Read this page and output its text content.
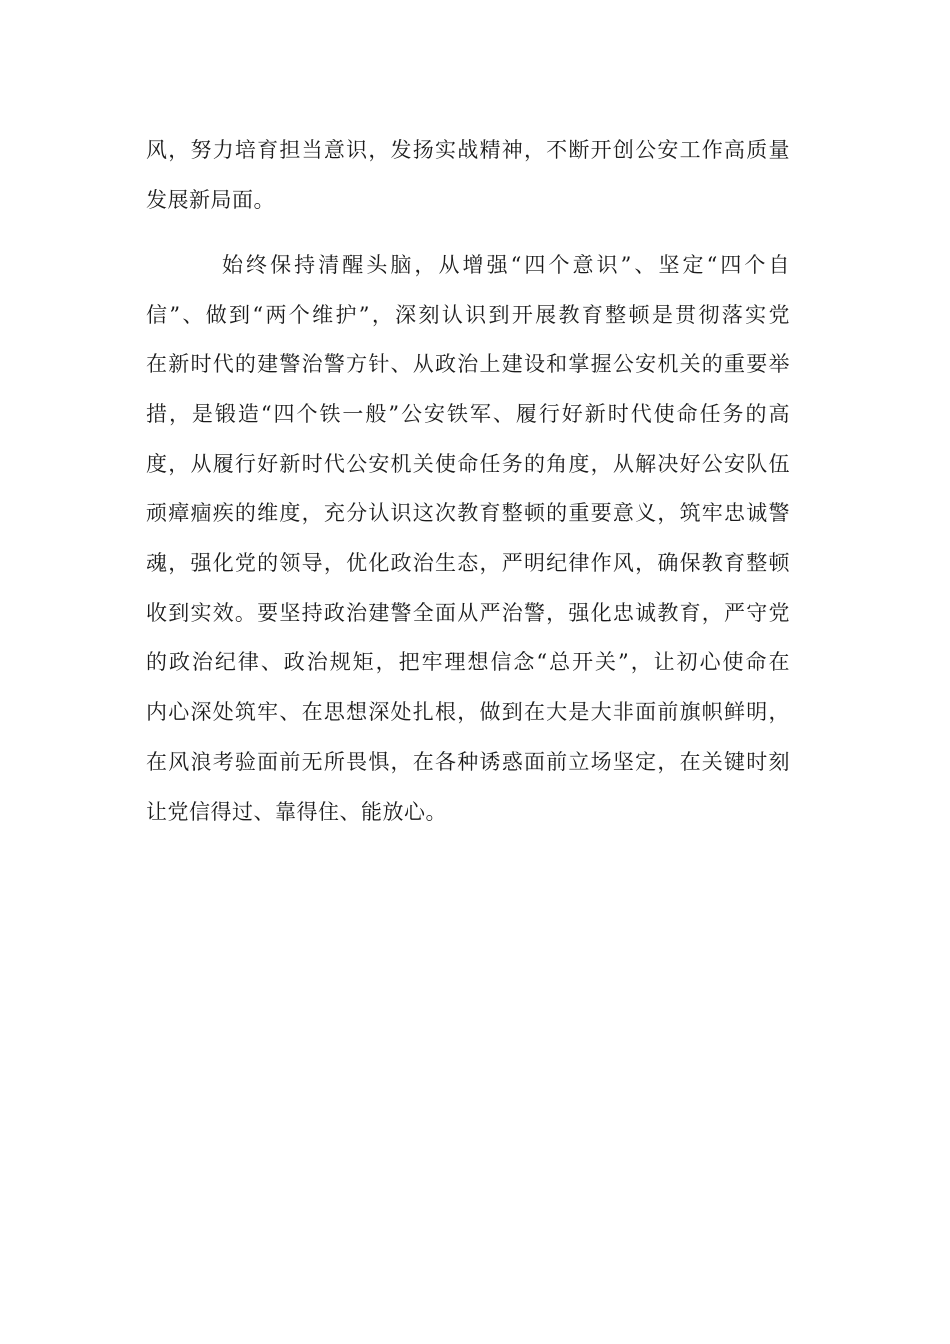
风，努力培育担当意识，发扬实战精神，不断开创公安工作高质量
发展新局面。
始终保持清醒头脑，从增强“四个意识”、坚定“四个自
信”、做到“两个维护”，深刻认识到开展教育整顿是贯彻落实党
在新时代的建警治警方针、从政治上建设和掌握公安机关的重要举
措，是锻造“四个铁一般”公安铁军、履行好新时代使命任务的高
度，从履行好新时代公安机关使命任务的角度，从解决好公安队伍
顽瘴痼疾的维度，充分认识这次教育整顿的重要意义，筑牢忠诚警
魂，强化党的领导，优化政治生态，严明纪律作风，确保教育整顿
收到实效。要坚持政治建警全面从严治警，强化忠诚教育，严守党
的政治纪律、政治规矩，把牢理想信念“总开关”，让初心使命在
内心深处筑牢、在思想深处扎根，做到在大是大非面前旗帜鲜明，
在风浪考验面前无所畏惧，在各种诱惑面前立场坚定，在关键时刻
让党信得过、靠得住、能放心。
